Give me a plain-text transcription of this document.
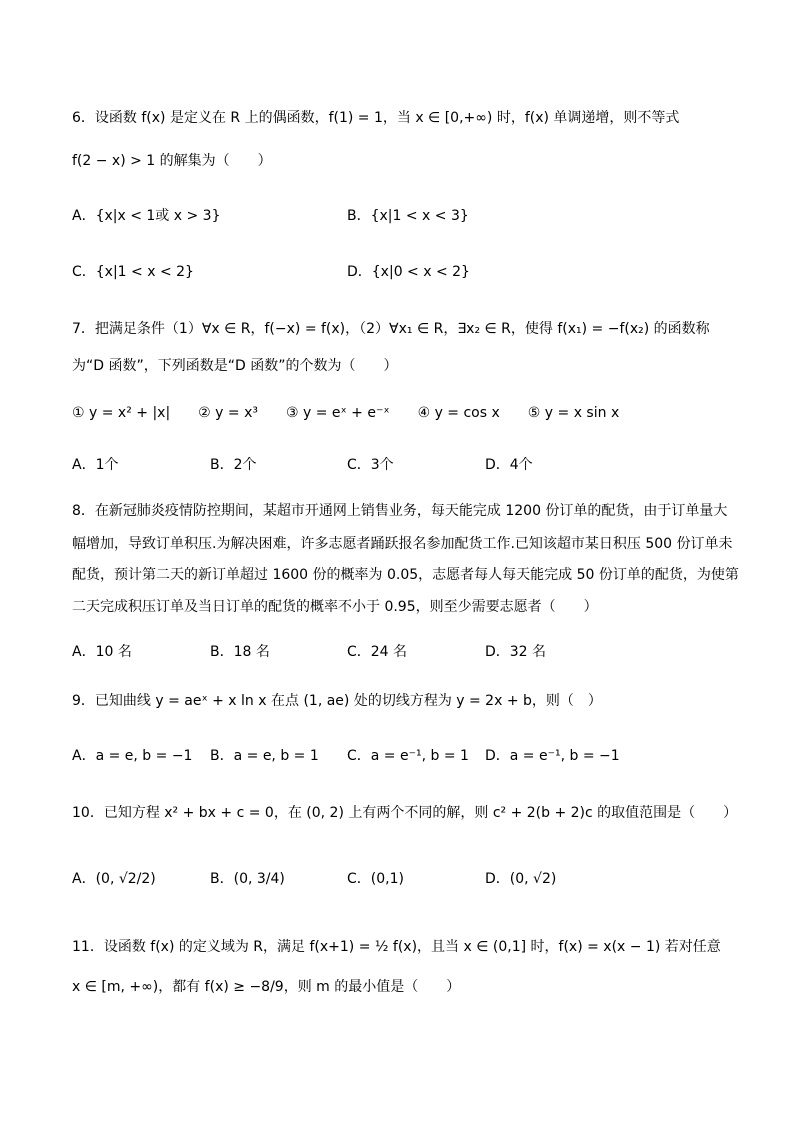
6．设函数 f(x) 是定义在 R 上的偶函数，f(1) = 1，当 x ∈ [0,+∞) 时，f(x) 单调递增，则不等式
f(2 − x) > 1 的解集为（　　）
A．{x|x < 1或 x > 3}	B．{x|1 < x < 3}
C．{x|1 < x < 2}	D．{x|0 < x < 2}
7．把满足条件（1）∀x ∈ R，f(−x) = f(x)，（2）∀x₁ ∈ R，∃x₂ ∈ R，使得 f(x₁) = −f(x₂) 的函数称
为“D 函数”，下列函数是“D 函数”的个数为（　　）
① y = x² + |x|　　② y = x³　　③ y = eˣ + e⁻ˣ　　④ y = cos x　　⑤ y = x sin x
A．1个	B．2个	C．3个	D．4个
8．在新冠肺炎疫情防控期间，某超市开通网上销售业务，每天能完成 1200 份订单的配货，由于订单量大
幅增加，导致订单积压.为解决困难，许多志愿者踊跃报名参加配货工作.已知该超市某日积压 500 份订单未
配货，预计第二天的新订单超过 1600 份的概率为 0.05，志愿者每人每天能完成 50 份订单的配货，为使第
二天完成积压订单及当日订单的配货的概率不小于 0.95，则至少需要志愿者（　　）
A．10 名	B．18 名	C．24 名	D．32 名
9．已知曲线 y = aeˣ + x ln x 在点 (1, ae) 处的切线方程为 y = 2x + b，则（　）
A．a = e, b = −1 B．a = e, b = 1 C．a = e⁻¹, b = 1 D．a = e⁻¹, b = −1
10．已知方程 x² + bx + c = 0，在 (0, 2) 上有两个不同的解，则 c² + 2(b + 2)c 的取值范围是（　　）
A．(0, √2/2)	B．(0, 3/4)	C．(0,1)	D．(0, √2)
11．设函数 f(x) 的定义域为 R，满足 f(x+1) = ½ f(x)，且当 x ∈ (0,1] 时，f(x) = x(x − 1) 若对任意
x ∈ [m, +∞)，都有 f(x) ≥ −8/9，则 m 的最小值是（　　）
